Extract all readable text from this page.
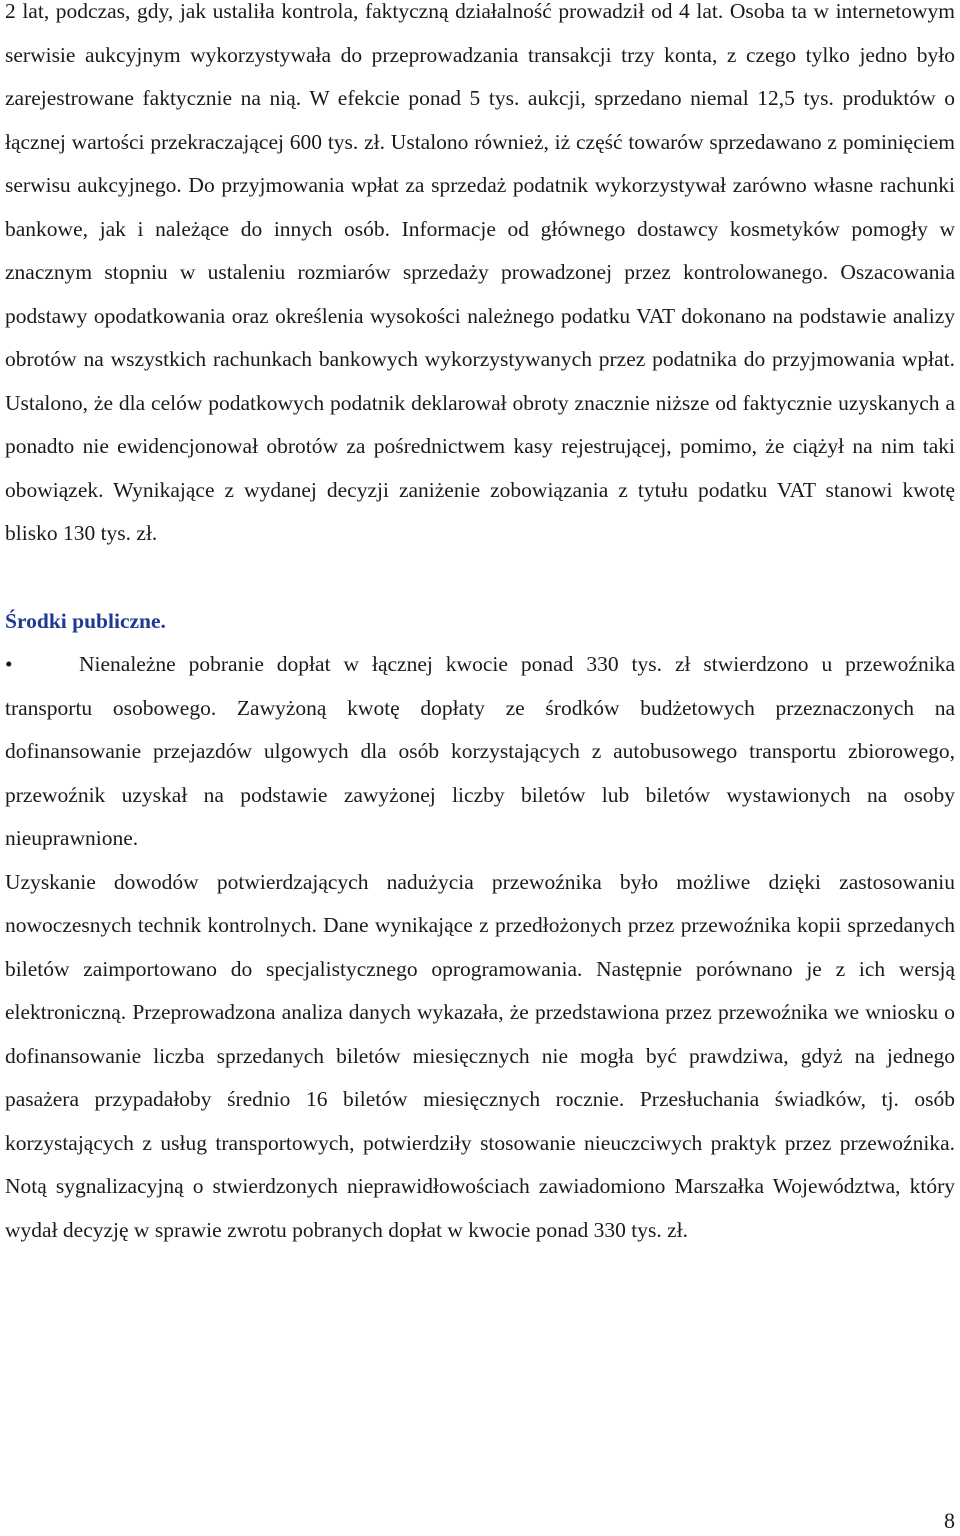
2 lat, podczas, gdy, jak ustaliła kontrola, faktyczną działalność prowadził od 4 lat. Osoba ta w internetowym serwisie aukcyjnym wykorzystywała do przeprowadzania transakcji trzy konta, z czego tylko jedno było zarejestrowane faktycznie na nią. W efekcie ponad 5 tys. aukcji, sprzedano niemal 12,5 tys. produktów o łącznej wartości przekraczającej 600 tys. zł. Ustalono również, iż część towarów sprzedawano z pominięciem serwisu aukcyjnego. Do przyjmowania wpłat za sprzedaż podatnik wykorzystywał zarówno własne rachunki bankowe, jak i należące do innych osób. Informacje od głównego dostawcy kosmetyków pomogły w znacznym stopniu w ustaleniu rozmiarów sprzedaży prowadzonej przez kontrolowanego. Oszacowania podstawy opodatkowania oraz określenia wysokości należnego podatku VAT dokonano na podstawie analizy obrotów na wszystkich rachunkach bankowych wykorzystywanych przez podatnika do przyjmowania wpłat. Ustalono, że dla celów podatkowych podatnik deklarował obroty znacznie niższe od faktycznie uzyskanych a ponadto nie ewidencjonował obrotów za pośrednictwem kasy rejestrującej, pomimo, że ciążył na nim taki obowiązek. Wynikające z wydanej decyzji zaniżenie zobowiązania z tytułu podatku VAT stanowi kwotę blisko 130 tys. zł.

Środki publiczne.

•	Nienależne pobranie dopłat w łącznej kwocie ponad 330 tys. zł stwierdzono u przewoźnika transportu osobowego. Zawyżoną kwotę dopłaty ze środków budżetowych przeznaczonych na dofinansowanie przejazdów ulgowych dla osób korzystających z autobusowego transportu zbiorowego, przewoźnik uzyskał na podstawie zawyżonej liczby biletów lub biletów wystawionych na osoby nieuprawnione.

Uzyskanie dowodów potwierdzających nadużycia przewoźnika było możliwe dzięki zastosowaniu nowoczesnych technik kontrolnych. Dane wynikające z przedłożonych przez przewoźnika kopii sprzedanych biletów zaimportowano do specjalistycznego oprogramowania. Następnie porównano je z ich wersją elektroniczną. Przeprowadzona analiza danych wykazała, że przedstawiona przez przewoźnika we wniosku o dofinansowanie liczba sprzedanych biletów miesięcznych nie mogła być prawdziwa, gdyż na jednego pasażera przypadałoby średnio 16 biletów miesięcznych rocznie. Przesłuchania świadków, tj. osób korzystających z usług transportowych, potwierdziły stosowanie nieuczciwych praktyk przez przewoźnika. Notą sygnalizacyjną o stwierdzonych nieprawidłowościach zawiadomiono Marszałka Województwa, który wydał decyzję w sprawie zwrotu pobranych dopłat w kwocie ponad 330 tys. zł.

8
